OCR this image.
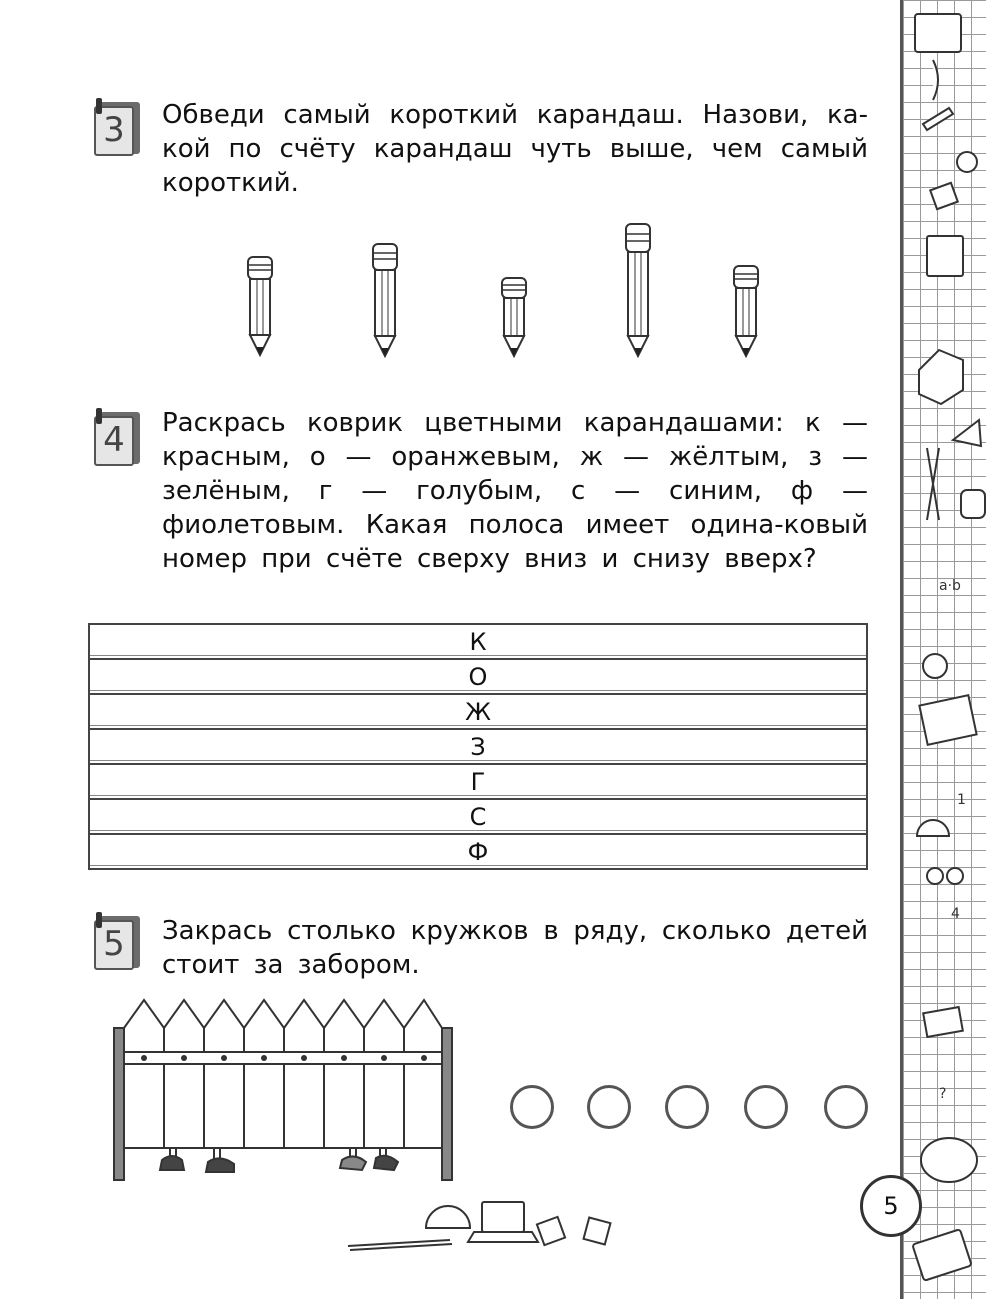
3	Обведи самый короткий карандаш. Назови, ка-кой по счёту карандаш чуть выше, чем самый короткий.
4	Раскрась коврик цветными карандашами: к — красным, о — оранжевым, ж — жёлтым, з — зелёным, г — голубым, с — синим, ф — фиолетовым. Какая полоса имеет одина-ковый номер при счёте сверху вниз и снизу вверх?
К
О
Ж
З
Г
С
Ф
5	Закрась столько кружков в ряду, сколько детей стоит за забором.
a·b
1
4
?
5
